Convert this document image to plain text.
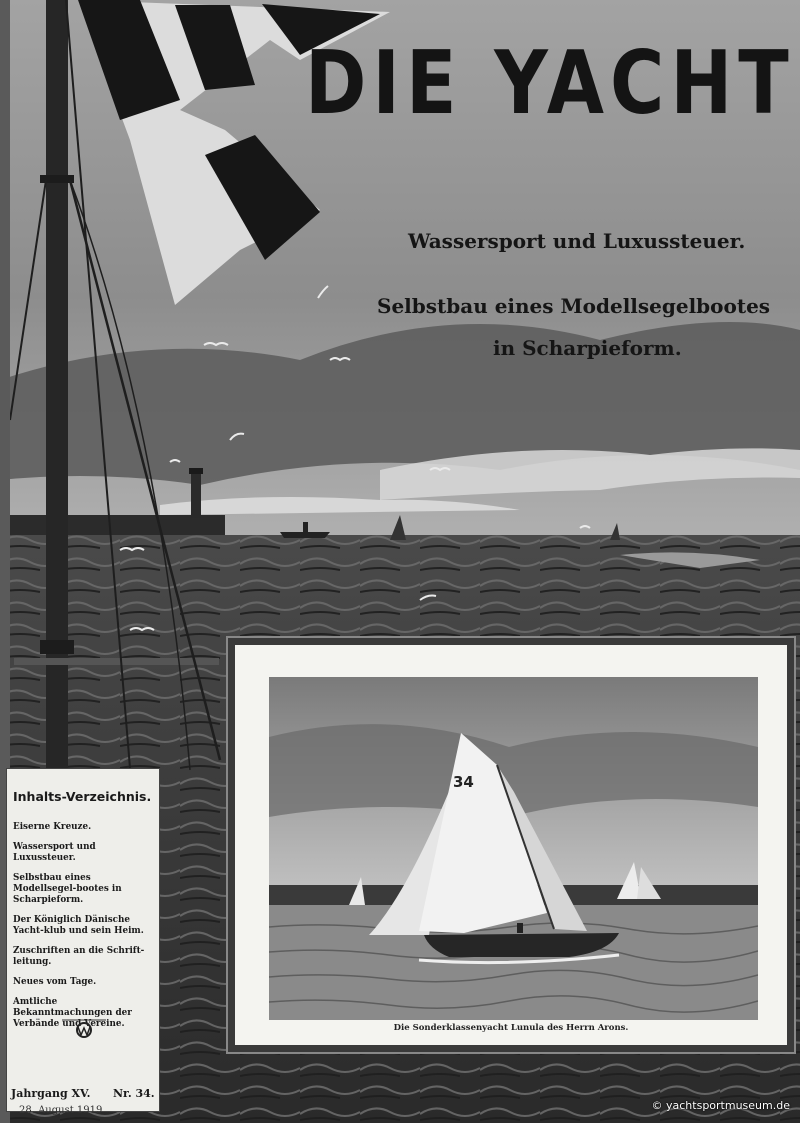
DIE YACHT

Wassersport und Luxussteuer.

Selbstbau eines Modellsegelbootes

in Scharpieform.

Inhalts-Verzeichnis.

Eiserne Kreuze.
Wassersport und Luxussteuer.
Selbstbau eines Modellsegel-bootes in Scharpieform.
Der Königlich Dänische Yacht-klub und sein Heim.
Zuschriften an die Schrift-leitung.
Neues vom Tage.
Amtliche Bekanntmachungen der Verbände und Vereine.
Jahrgang XV. Nr. 34.
28. August 1919
34

Die Sonderklassenyacht Lunula des Herrn Arons.

© yachtsportmuseum.de
